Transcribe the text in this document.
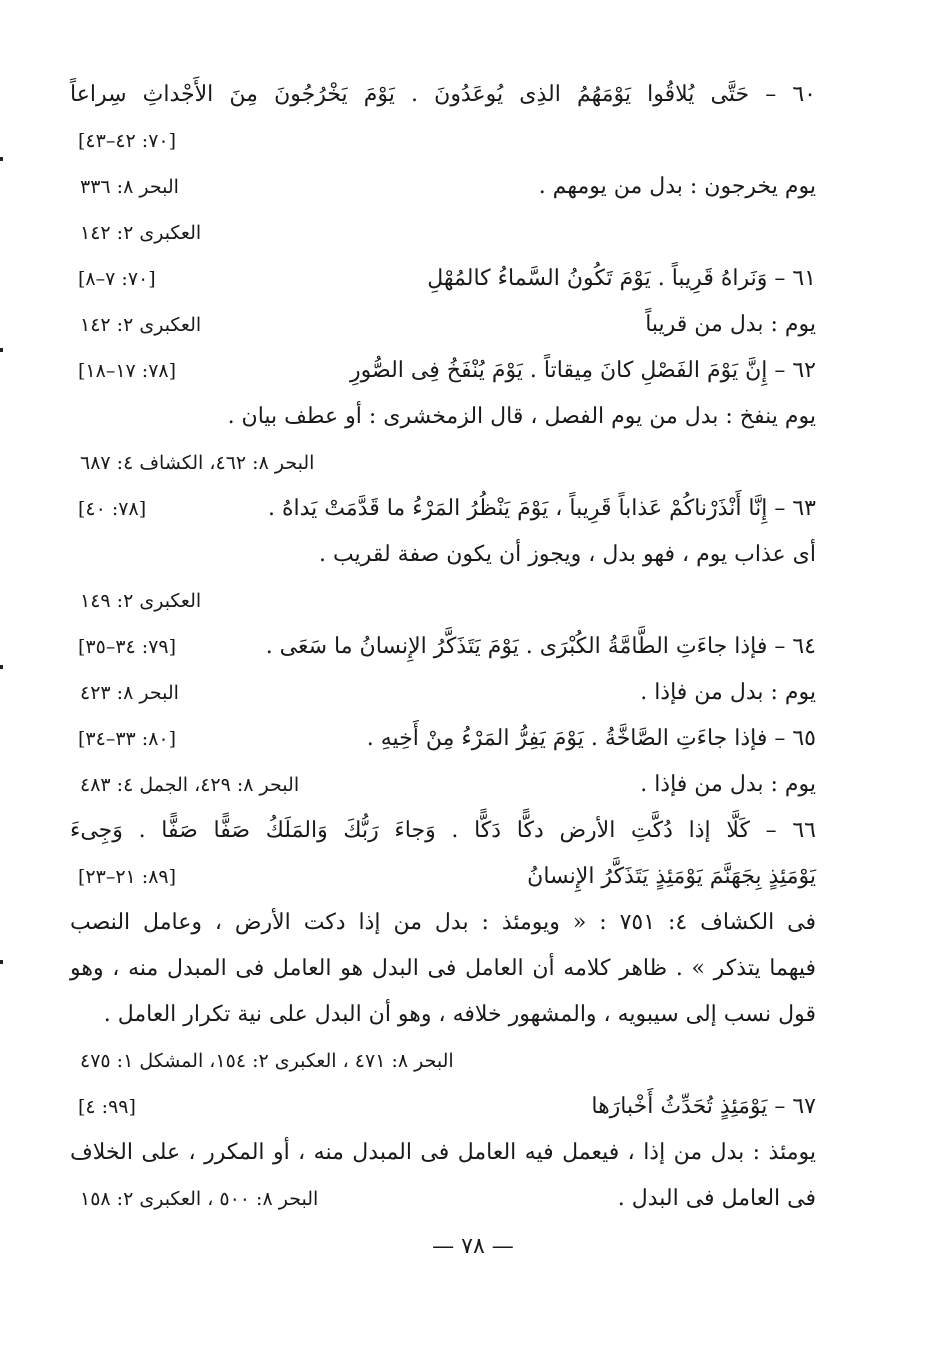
٦٠ – حَتَّى يُلاقُوا يَوْمَهُمُ الذِى يُوعَدُونَ . يَوْمَ يَخْرُجُونَ مِنَ الأَجْداثِ سِراعاً
[٧٠: ٤٢–٤٣]
يوم يخرجون : بدل من يومهم .
البحر ٨: ٣٣٦
العكبرى ٢: ١٤٢
٦١ – وَنَراهُ قَرِيباً . يَوْمَ تَكُونُ السَّماءُ كالمُهْلِ
[٧٠: ٧–٨]
يوم : بدل من قريباً
العكبرى ٢: ١٤٢
٦٢ – إِنَّ يَوْمَ الفَصْلِ كانَ مِيقاتاً . يَوْمَ يُنْفَخُ فِى الصُّورِ
[٧٨: ١٧–١٨]
يوم ينفخ : بدل من يوم الفصل ، قال الزمخشرى : أو عطف بيان .
البحر ٨: ٤٦٢، الكشاف ٤: ٦٨٧
٦٣ – إِنَّا أَنْذَرْناكُمْ عَذاباً قَرِيباً ، يَوْمَ يَنْظُرُ المَرْءُ ما قَدَّمَتْ يَداهُ .
[٧٨: ٤٠]
أى عذاب يوم ، فهو بدل ، ويجوز أن يكون صفة لقريب .
العكبرى ٢: ١٤٩
٦٤ – فإذا جاءَتِ الطَّامَّةُ الكُبْرَى . يَوْمَ يَتَذَكَّرُ الإِنسانُ ما سَعَى .
[٧٩: ٣٤–٣٥]
يوم : بدل من فإذا .
البحر ٨: ٤٢٣
٦٥ – فإذا جاءَتِ الصَّاخَّةُ . يَوْمَ يَفِرُّ المَرْءُ مِنْ أَخِيهِ .
[٨٠: ٣٣–٣٤]
يوم : بدل من فإذا .
البحر ٨: ٤٢٩، الجمل ٤: ٤٨٣
٦٦ – كَلَّا إذا دُكَّتِ الأرض دكًّا دَكًّا . وَجاءَ رَبُّكَ وَالمَلَكُ صَفًّا صَفًّا . وَجِىءَ
يَوْمَئِذٍ بِجَهَنَّمَ يَوْمَئِذٍ يَتَذَكَّرُ الإِنسانُ
[٨٩: ٢١–٢٣]
فى الكشاف ٤: ٧٥١ : « ويومئذ : بدل من إذا دكت الأرض ، وعامل النصب
فيهما يتذكر » . ظاهر كلامه أن العامل فى البدل هو العامل فى المبدل منه ، وهو
قول نسب إلى سيبويه ، والمشهور خلافه ، وهو أن البدل على نية تكرار العامل .
البحر ٨: ٤٧١ ، العكبرى ٢: ١٥٤، المشكل ١: ٤٧٥
٦٧ – يَوْمَئِذٍ تُحَدِّثُ أَخْبارَها
[٩٩: ٤]
يومئذ : بدل من إذا ، فيعمل فيه العامل فى المبدل منه ، أو المكرر ، على الخلاف
فى العامل فى البدل .
البحر ٨: ٥٠٠ ، العكبرى ٢: ١٥٨
— ٧٨ —
